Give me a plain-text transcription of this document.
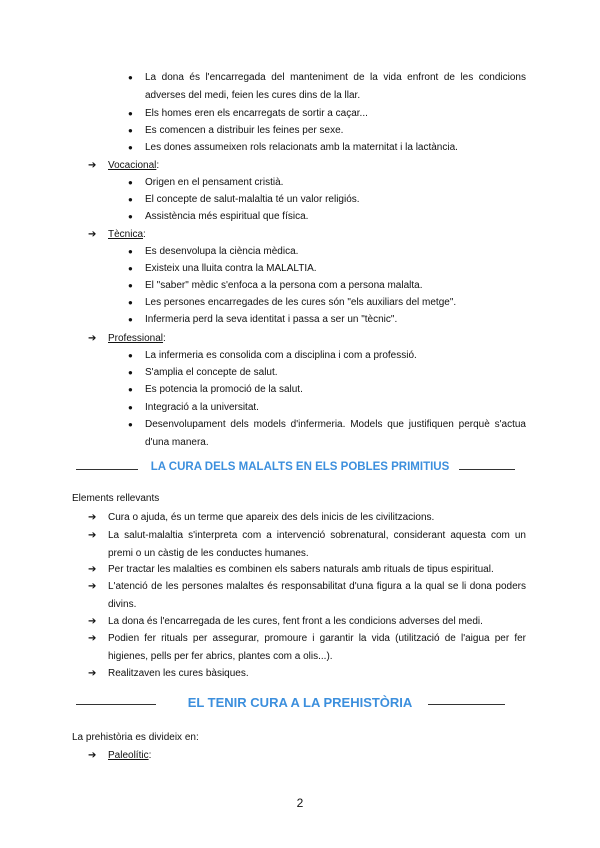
● La dona és l'encarregada del manteniment de la vida enfront de les condicions adverses del medi, feien les cures dins de la llar.
● Els homes eren els encarregats de sortir a caçar...
● Es comencen a distribuir les feines per sexe.
● Les dones assumeixen rols relacionats amb la maternitat i la lactància.
➔ Vocacional:
● Origen en el pensament cristià.
● El concepte de salut-malaltia té un valor religiós.
● Assistència més espiritual que física.
➔ Tècnica:
● Es desenvolupa la ciència mèdica.
● Existeix una lluita contra la MALALTIA.
● El "saber" mèdic s'enfoca a la persona com a persona malalta.
● Les persones encarregades de les cures són "els auxiliars del metge".
● Infermeria perd la seva identitat i passa a ser un "tècnic".
➔ Professional:
● La infermeria es consolida com a disciplina i com a professió.
● S'amplia el concepte de salut.
● Es potencia la promoció de la salut.
● Integració a la universitat.
● Desenvolupament dels models d'infermeria. Models que justifiquen perquè s'actua d'una manera.
LA CURA DELS MALALTS EN ELS POBLES PRIMITIUS
Elements rellevants
➔ Cura o ajuda, és un terme que apareix des dels inicis de les civilitzacions.
➔ La salut-malaltia s'interpreta com a intervenció sobrenatural, considerant aquesta com un premi o un càstig de les conductes humanes.
➔ Per tractar les malalties es combinen els sabers naturals amb rituals de tipus espiritual.
➔ L'atenció de les persones malaltes és responsabilitat d'una figura a la qual se li dona poders divins.
➔ La dona és l'encarregada de les cures, fent front a les condicions adverses del medi.
➔ Podien fer rituals per assegurar, promoure i garantir la vida (utilització de l'aigua per fer higienes, pells per fer abrics, plantes com a olis...).
➔ Realitzaven les cures bàsiques.
EL TENIR CURA A LA PREHISTÒRIA
La prehistòria es divideix en:
➔ Paleolític:
2
